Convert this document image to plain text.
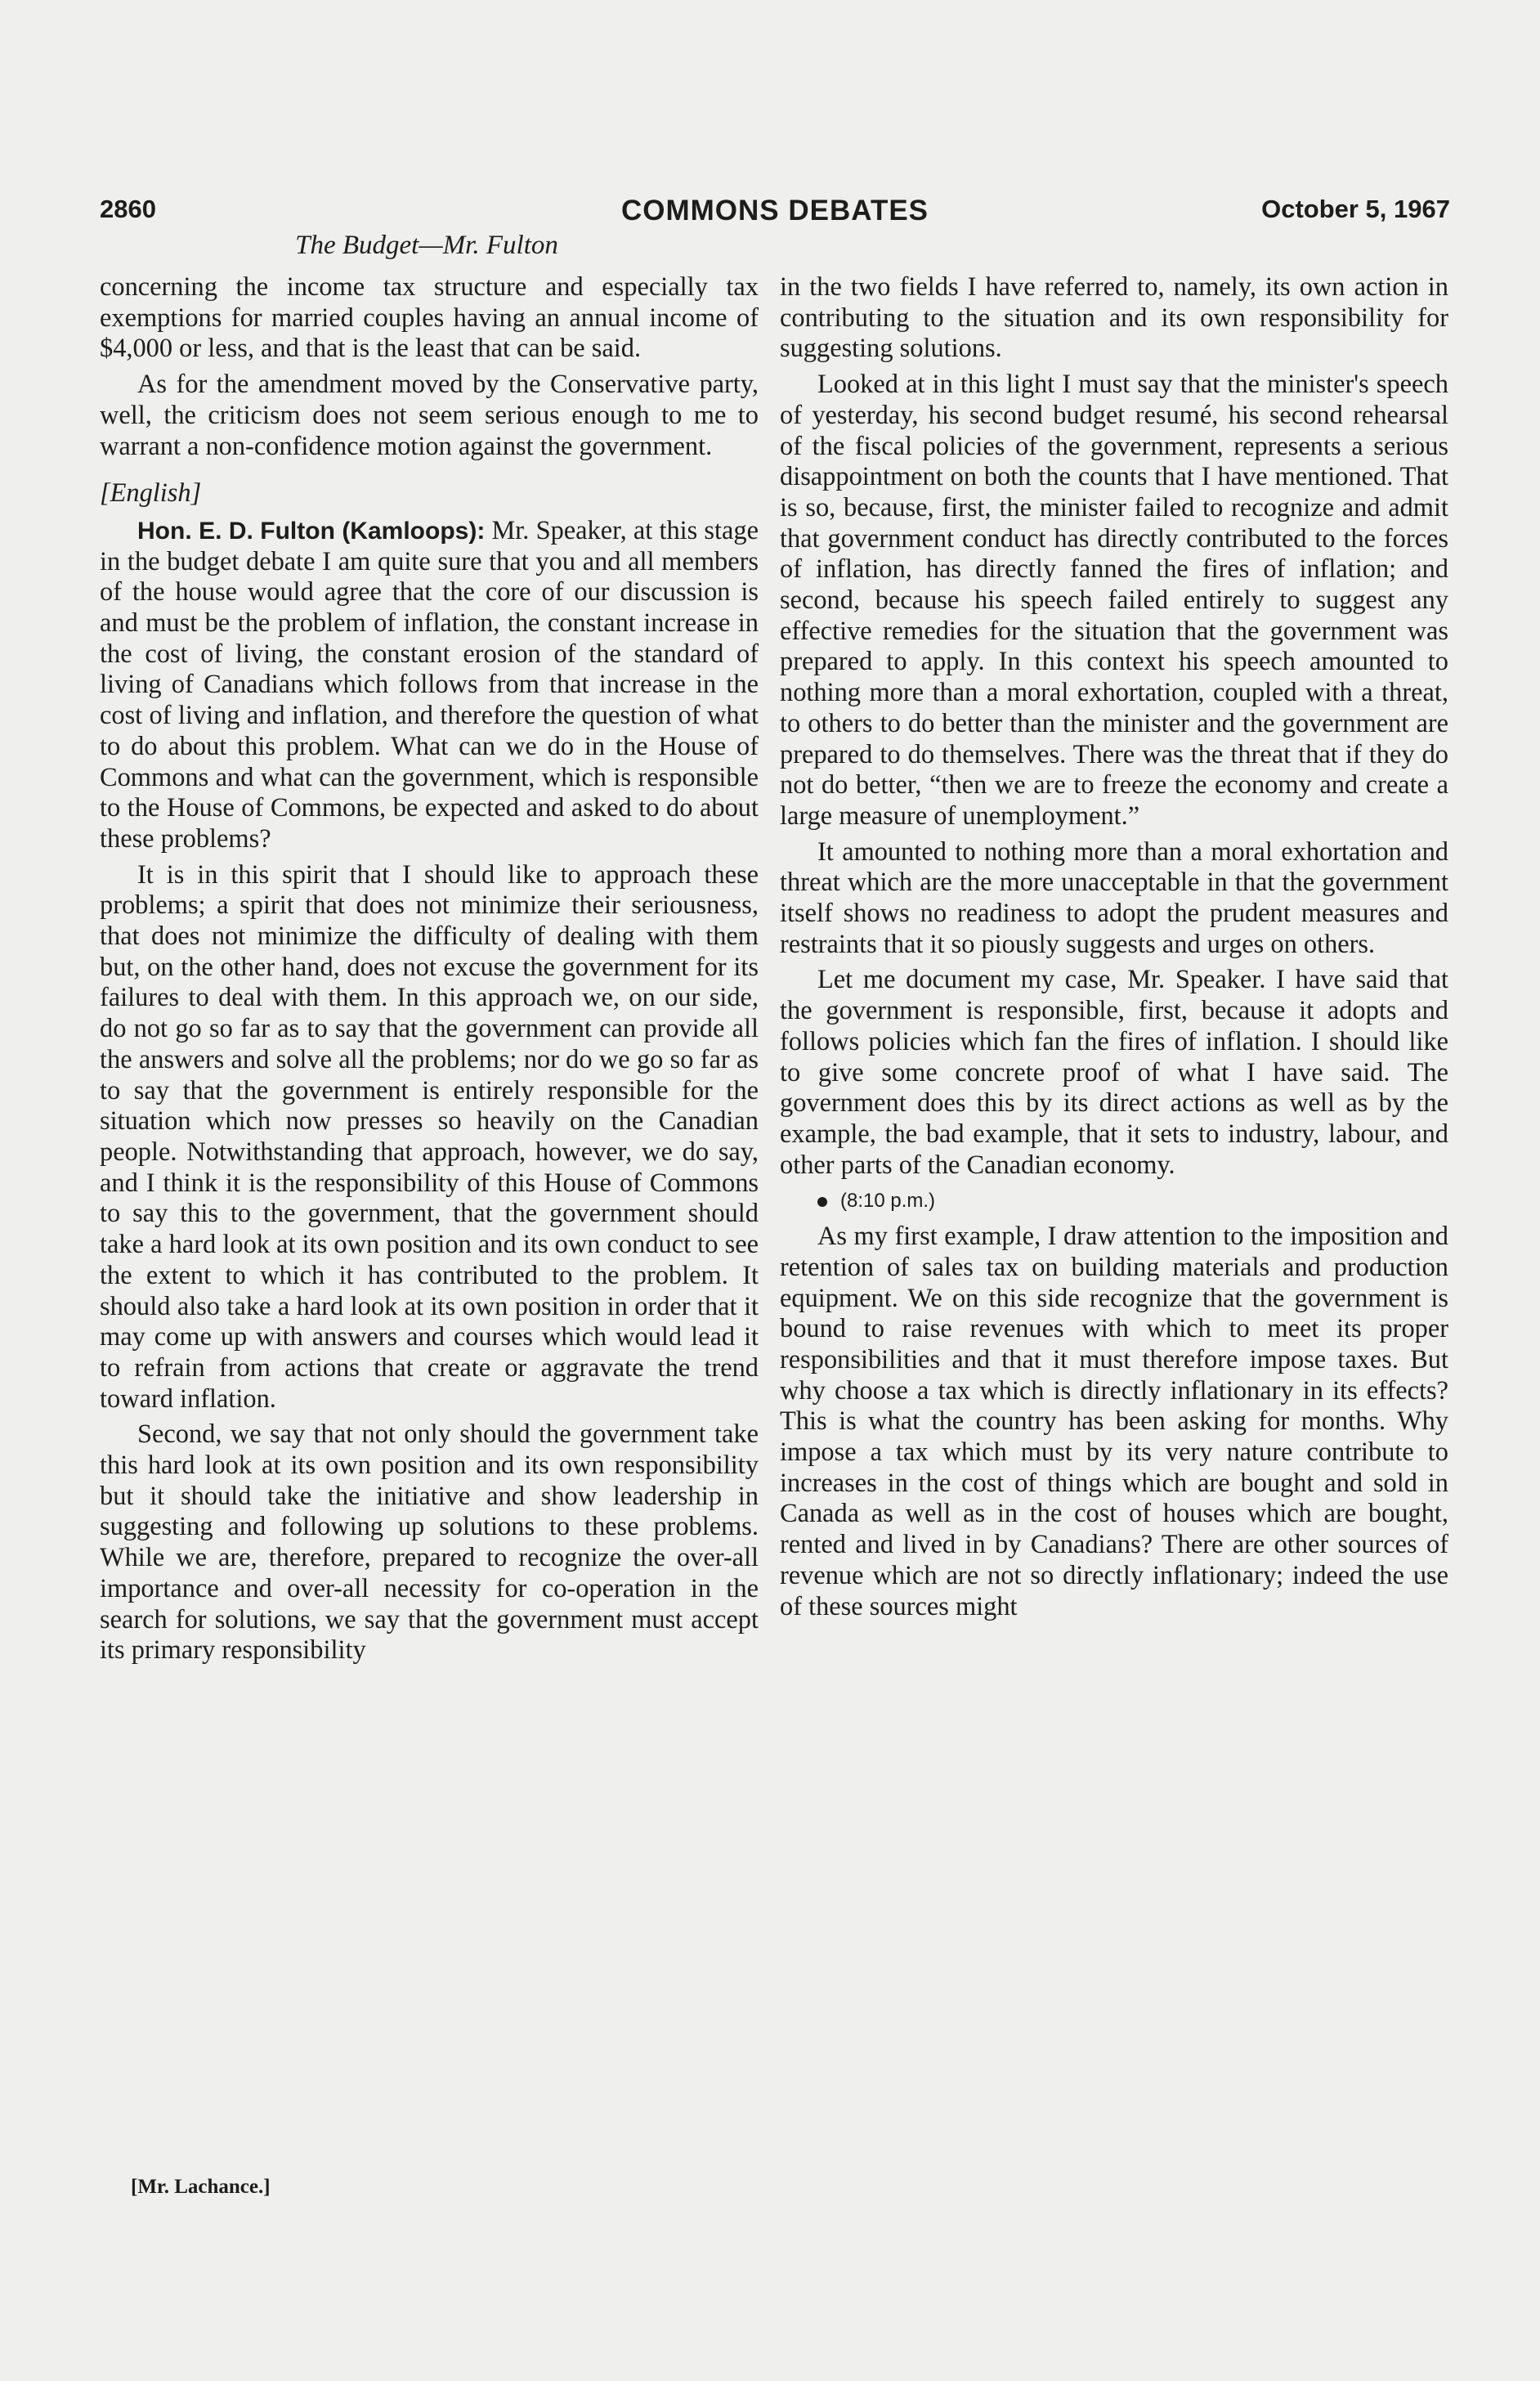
2860	COMMONS DEBATES	October 5, 1967
The Budget—Mr. Fulton

concerning the income tax structure and especially tax exemptions for married couples having an annual income of $4,000 or less, and that is the least that can be said.

As for the amendment moved by the Conservative party, well, the criticism does not seem serious enough to me to warrant a non-confidence motion against the government.

[English]

Hon. E. D. Fulton (Kamloops): Mr. Speaker, at this stage in the budget debate I am quite sure that you and all members of the house would agree that the core of our discussion is and must be the problem of inflation, the constant increase in the cost of living, the constant erosion of the standard of living of Canadians which follows from that increase in the cost of living and inflation, and therefore the question of what to do about this problem. What can we do in the House of Commons and what can the government, which is responsible to the House of Commons, be expected and asked to do about these problems?

It is in this spirit that I should like to approach these problems; a spirit that does not minimize their seriousness, that does not minimize the difficulty of dealing with them but, on the other hand, does not excuse the government for its failures to deal with them. In this approach we, on our side, do not go so far as to say that the government can provide all the answers and solve all the problems; nor do we go so far as to say that the government is entirely responsible for the situation which now presses so heavily on the Canadian people. Notwithstanding that approach, however, we do say, and I think it is the responsibility of this House of Commons to say this to the government, that the government should take a hard look at its own position and its own conduct to see the extent to which it has contributed to the problem. It should also take a hard look at its own position in order that it may come up with answers and courses which would lead it to refrain from actions that create or aggravate the trend toward inflation.

Second, we say that not only should the government take this hard look at its own position and its own responsibility but it should take the initiative and show leadership in suggesting and following up solutions to these problems. While we are, therefore, prepared to recognize the over-all importance and over-all necessity for co-operation in the search for solutions, we say that the government must accept its primary responsibility

in the two fields I have referred to, namely, its own action in contributing to the situation and its own responsibility for suggesting solutions.

Looked at in this light I must say that the minister's speech of yesterday, his second budget resumé, his second rehearsal of the fiscal policies of the government, represents a serious disappointment on both the counts that I have mentioned. That is so, because, first, the minister failed to recognize and admit that government conduct has directly contributed to the forces of inflation, has directly fanned the fires of inflation; and second, because his speech failed entirely to suggest any effective remedies for the situation that the government was prepared to apply. In this context his speech amounted to nothing more than a moral exhortation, coupled with a threat, to others to do better than the minister and the government are prepared to do themselves. There was the threat that if they do not do better, “then we are to freeze the economy and create a large measure of unemployment.”

It amounted to nothing more than a moral exhortation and threat which are the more unacceptable in that the government itself shows no readiness to adopt the prudent measures and restraints that it so piously suggests and urges on others.

Let me document my case, Mr. Speaker. I have said that the government is responsible, first, because it adopts and follows policies which fan the fires of inflation. I should like to give some concrete proof of what I have said. The government does this by its direct actions as well as by the example, the bad example, that it sets to industry, labour, and other parts of the Canadian economy.

(8:10 p.m.)

As my first example, I draw attention to the imposition and retention of sales tax on building materials and production equipment. We on this side recognize that the government is bound to raise revenues with which to meet its proper responsibilities and that it must therefore impose taxes. But why choose a tax which is directly inflationary in its effects? This is what the country has been asking for months. Why impose a tax which must by its very nature contribute to increases in the cost of things which are bought and sold in Canada as well as in the cost of houses which are bought, rented and lived in by Canadians? There are other sources of revenue which are not so directly inflationary; indeed the use of these sources might

[Mr. Lachance.]
